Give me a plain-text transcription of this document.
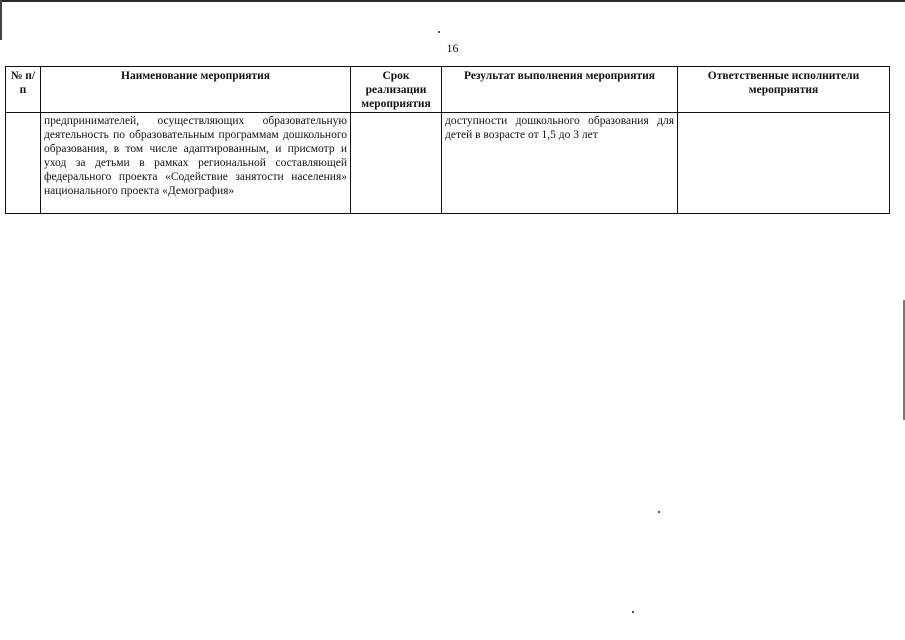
16
№ п/п	Наименование мероприятия	Срок реализации мероприятия	Результат выполнения мероприятия	Ответственные исполнители мероприятия
	предпринимателей, осуществляющих образовательную деятельность по образовательным программам дошкольного образования, в том числе адаптированным, и присмотр и уход за детьми в рамках региональной составляющей федерального проекта «Содействие занятости населения» национального проекта «Демография»		доступности дошкольного образования для детей в возрасте от 1,5 до 3 лет	
